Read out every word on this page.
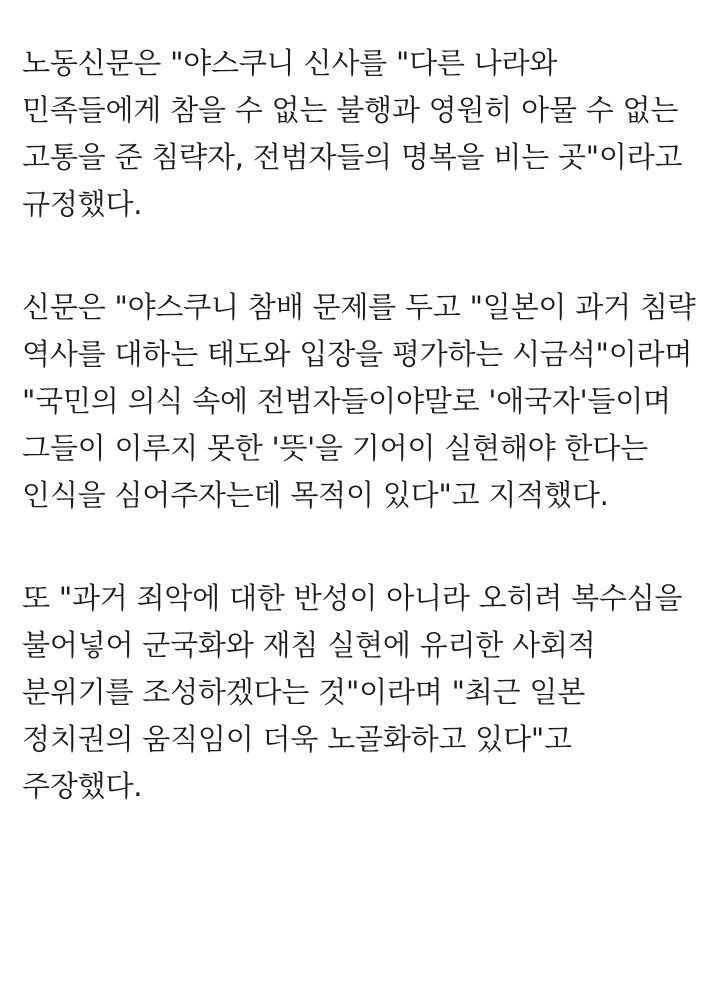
노동신문은 "야스쿠니 신사를 "다른 나라와 민족들에게 참을 수 없는 불행과 영원히 아물 수 없는 고통을 준 침략자, 전범자들의 명복을 비는 곳"이라고 규정했다.

신문은 "야스쿠니 참배 문제를 두고 "일본이 과거 침략 역사를 대하는 태도와 입장을 평가하는 시금석"이라며 "국민의 의식 속에 전범자들이야말로 '애국자'들이며 그들이 이루지 못한 '뜻'을 기어이 실현해야 한다는 인식을 심어주자는데 목적이 있다"고 지적했다.

또 "과거 죄악에 대한 반성이 아니라 오히려 복수심을 불어넣어 군국화와 재침 실현에 유리한 사회적 분위기를 조성하겠다는 것"이라며 "최근 일본 정치권의 움직임이 더욱 노골화하고 있다"고 주장했다.
